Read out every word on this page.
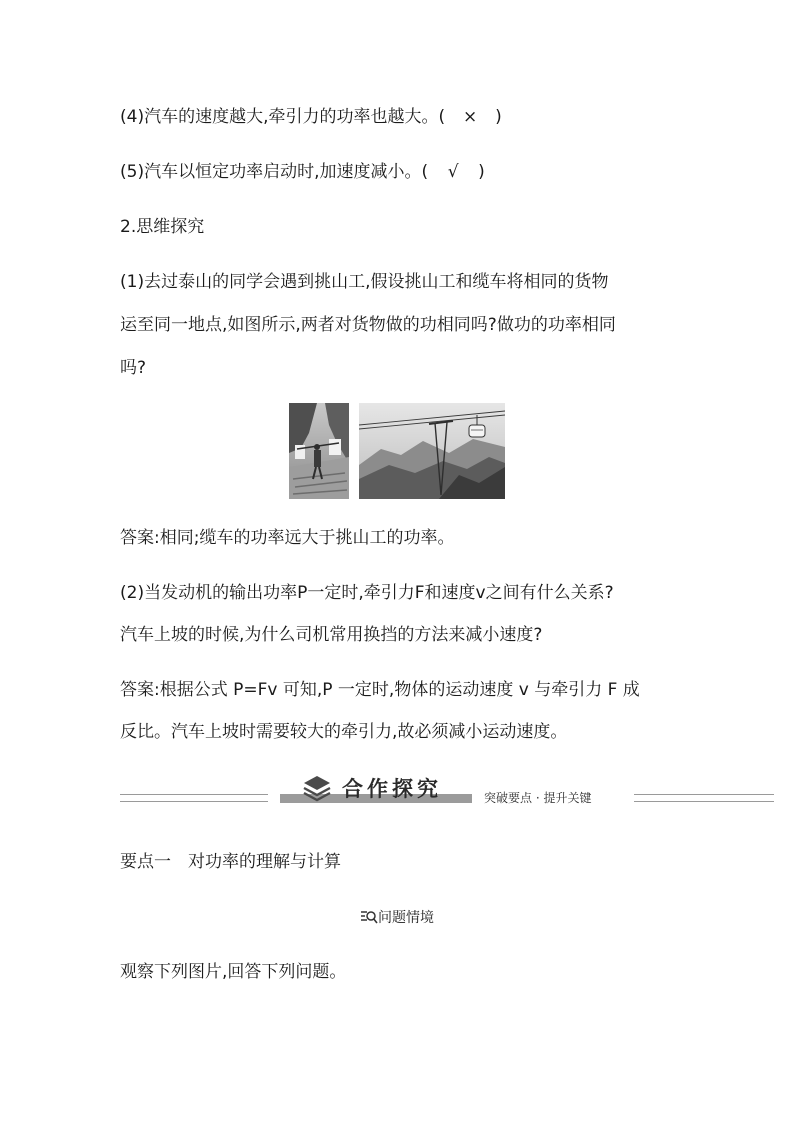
(4)汽车的速度越大,牵引力的功率也越大。( × )
(5)汽车以恒定功率启动时,加速度减小。( √ )
2.思维探究
(1)去过泰山的同学会遇到挑山工,假设挑山工和缆车将相同的货物
运至同一地点,如图所示,两者对货物做的功相同吗?做功的功率相同
吗?
答案:相同;缆车的功率远大于挑山工的功率。
(2)当发动机的输出功率P一定时,牵引力F和速度v之间有什么关系?
汽车上坡的时候,为什么司机常用换挡的方法来减小速度?
答案:根据公式 P=Fv 可知,P 一定时,物体的运动速度 v 与牵引力 F 成
反比。汽车上坡时需要较大的牵引力,故必须减小运动速度。
合作探究	突破要点 · 提升关键
要点一　对功率的理解与计算
问题情境
观察下列图片,回答下列问题。
